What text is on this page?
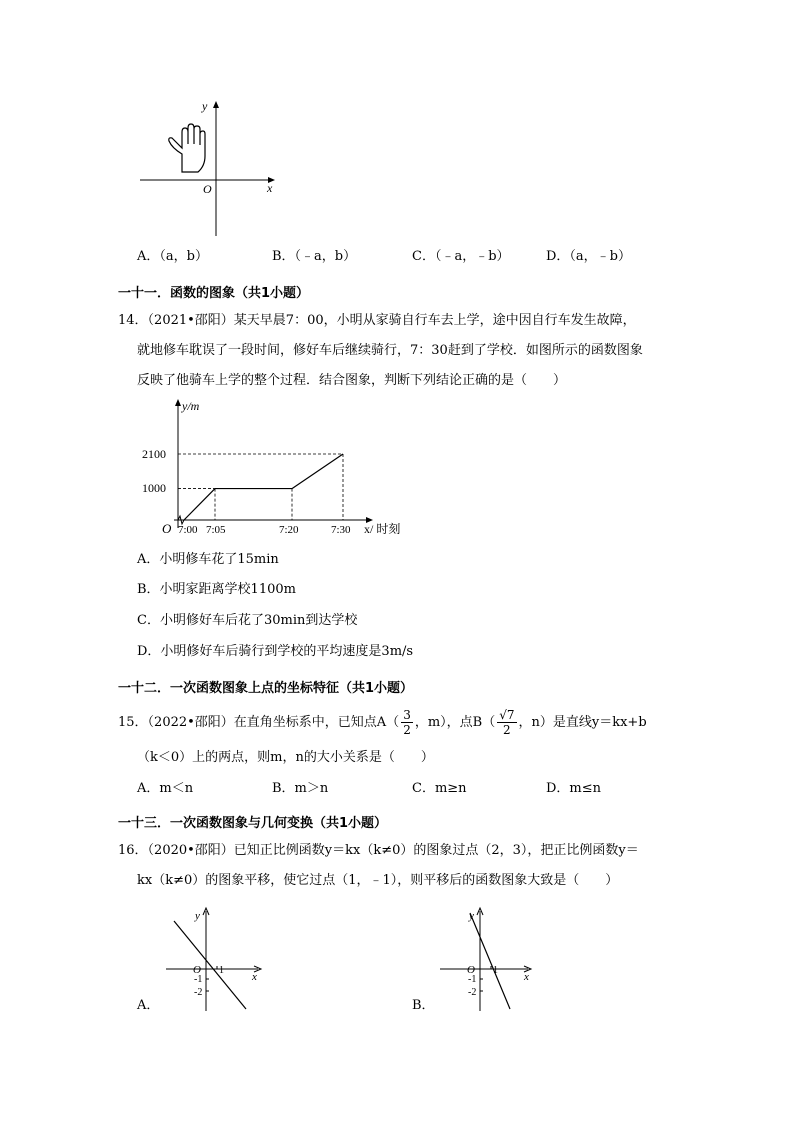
y
x
O
A．（a，b）	B．（﹣a，b）	C．（﹣a，﹣b）	D．（a，﹣b）
一十一．函数的图象（共1小题）
14．（2021•邵阳）某天早晨7：00，小明从家骑自行车去上学，途中因自行车发生故障，
就地修车耽误了一段时间，修好车后继续骑行，7：30赶到了学校．如图所示的函数图象
反映了他骑车上学的整个过程．结合图象，判断下列结论正确的是（　　）
y/m
O	x/ 时刻
1000
2100
7:00 7:05	7:20	7:30
A．小明修车花了15min
B．小明家距离学校1100m
C．小明修好车后花了30min到达学校
D．小明修好车后骑行到学校的平均速度是3m/s
一十二．一次函数图象上点的坐标特征（共1小题）
15．（2022•邵阳）在直角坐标系中，已知点$A( \frac{3}{2}$ ，m），点$B( \frac{√7}{2}$ ，n）是直线y＝kx+b
（k＜0）上的两点，则m，n的大小关系是（　　）
A．m＜n	B．m＞n	C．m≥n	D．m≤n
一十三．一次函数图象与几何变换（共1小题）
16．（2020•邵阳）已知正比例函数y＝kx（k≠0）的图象过点（2，3），把正比例函数y＝
kx（k≠0）的图象平移，使它过点（1，﹣1），则平移后的函数图象大致是（　　）
y
x
O 1
-1
-2
A．
y
x
O 1
-1
-2
B．
